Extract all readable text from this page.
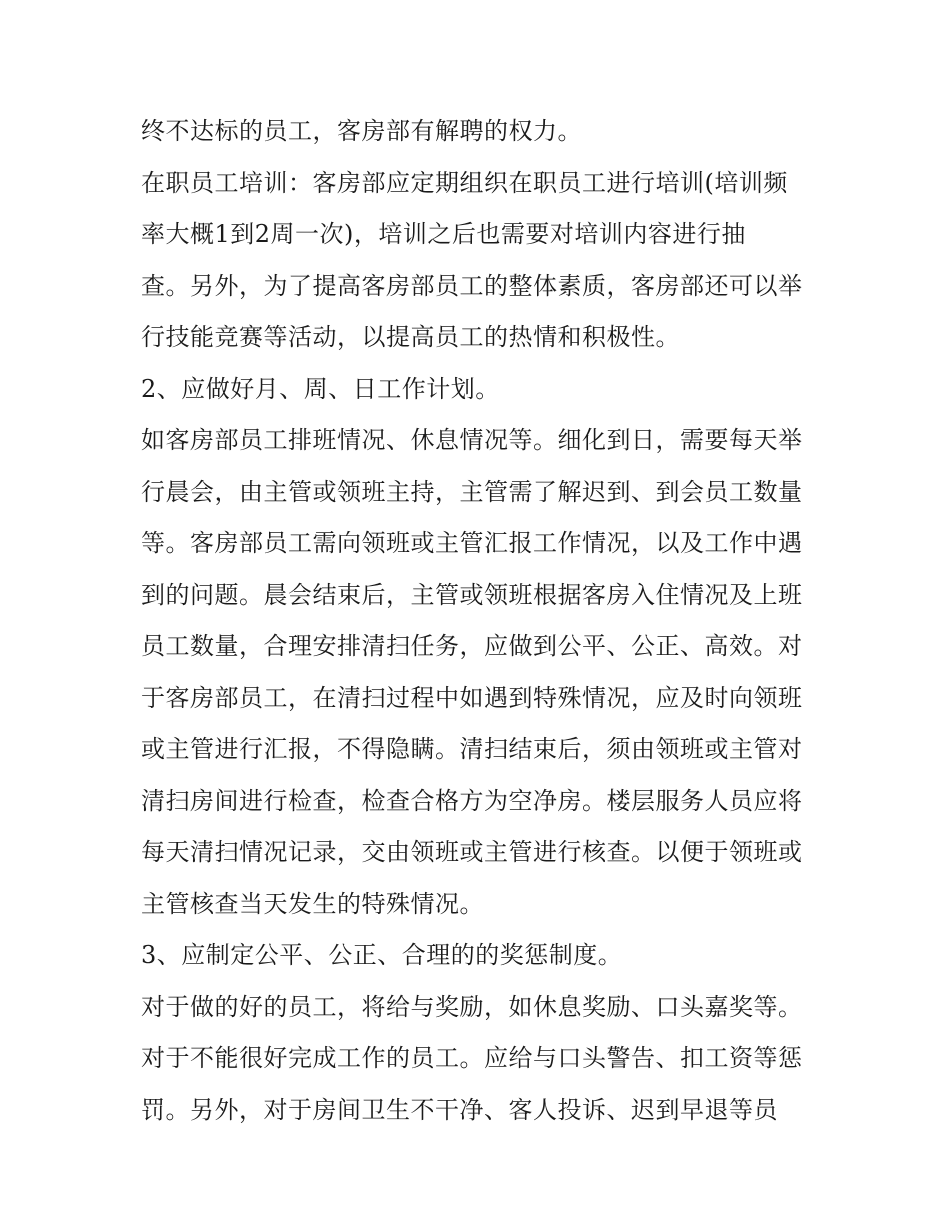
终不达标的员工，客房部有解聘的权力。
在职员工培训：客房部应定期组织在职员工进行培训(培训频
率大概1到2周一次)，培训之后也需要对培训内容进行抽
查。另外，为了提高客房部员工的整体素质，客房部还可以举
行技能竞赛等活动，以提高员工的热情和积极性。
2、应做好月、周、日工作计划。
如客房部员工排班情况、休息情况等。细化到日，需要每天举
行晨会，由主管或领班主持，主管需了解迟到、到会员工数量
等。客房部员工需向领班或主管汇报工作情况，以及工作中遇
到的问题。晨会结束后，主管或领班根据客房入住情况及上班
员工数量，合理安排清扫任务，应做到公平、公正、高效。对
于客房部员工，在清扫过程中如遇到特殊情况，应及时向领班
或主管进行汇报，不得隐瞒。清扫结束后，须由领班或主管对
清扫房间进行检查，检查合格方为空净房。楼层服务人员应将
每天清扫情况记录，交由领班或主管进行核查。以便于领班或
主管核查当天发生的特殊情况。
3、应制定公平、公正、合理的的奖惩制度。
对于做的好的员工，将给与奖励，如休息奖励、口头嘉奖等。
对于不能很好完成工作的员工。应给与口头警告、扣工资等惩
罚。另外，对于房间卫生不干净、客人投诉、迟到早退等员
